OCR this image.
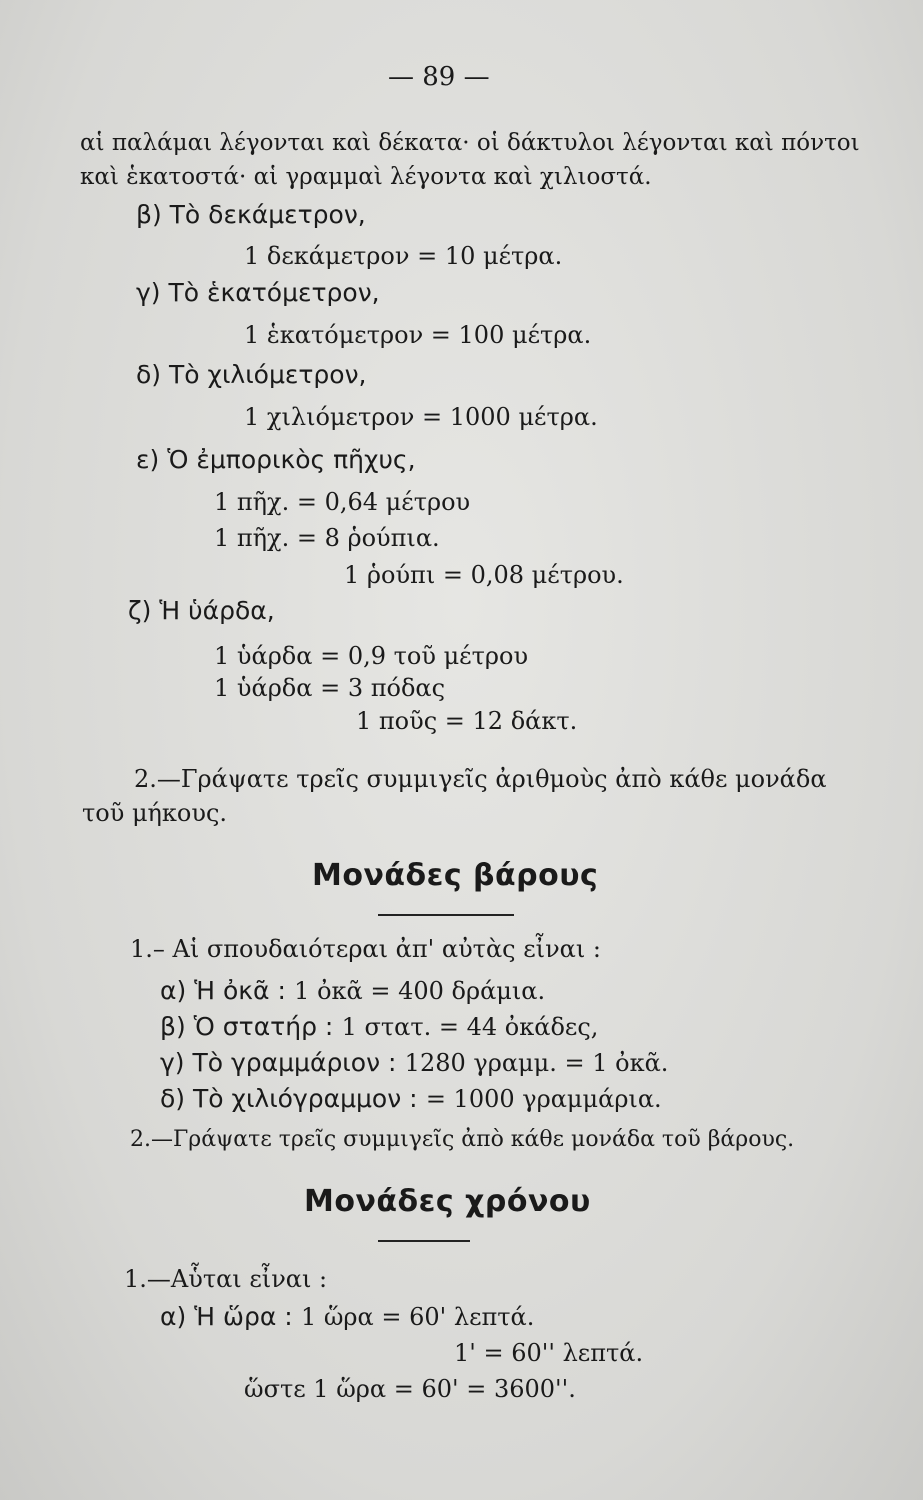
— 89 —
αἱ παλάμαι λέγονται καὶ δέκατα· οἱ δάκτυλοι λέγονται καὶ πόντοι
καὶ ἑκατοστά· αἱ γραμμαὶ λέγοντα καὶ χιλιοστά.
β) Τὸ δεκάμετρον,
1 δεκάμετρον = 10 μέτρα.
γ) Τὸ ἑκατόμετρον,
1 ἑκατόμετρον = 100 μέτρα.
δ) Τὸ χιλιόμετρον,
1 χιλιόμετρον = 1000 μέτρα.
ε) Ὁ ἐμπορικὸς πῆχυς,
1 πῆχ. = 0,64 μέτρου
1 πῆχ. = 8 ῥούπια.
1 ῥούπι = 0,08 μέτρου.
ζ) Ἡ ὑάρδα,
1 ὑάρδα = 0,9 τοῦ μέτρου
1 ὑάρδα = 3 πόδας
1 ποῦς = 12 δάκτ.
2.—Γράψατε τρεῖς συμμιγεῖς ἀριθμοὺς ἀπὸ κάθε μονάδα
τοῦ μήκους.
Μονάδες βάρους
1.– Αἱ σπουδαιότεραι ἀπ' αὐτὰς εἶναι :
α) Ἡ ὀκᾶ : 1 ὀκᾶ = 400 δράμια.
β) Ὁ στατήρ : 1 στατ. = 44 ὀκάδες,
γ) Τὸ γραμμάριον : 1280 γραμμ. = 1 ὀκᾶ.
δ) Τὸ χιλιόγραμμον : = 1000 γραμμάρια.
2.—Γράψατε τρεῖς συμμιγεῖς ἀπὸ κάθε μονάδα τοῦ βάρους.
Μονάδες χρόνου
1.—Αὗται εἶναι :
α) Ἡ ὥρα : 1 ὥρα = 60' λεπτά.
1' = 60'' λεπτά.
ὥστε 1 ὥρα = 60' = 3600''.
